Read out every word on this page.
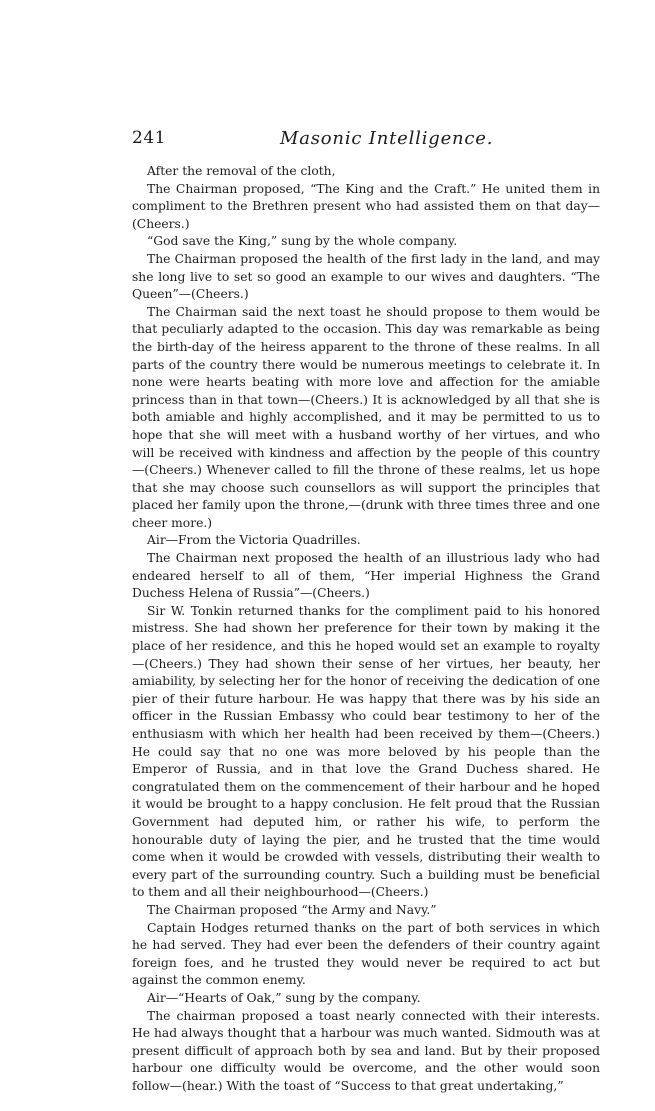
241	Masonic Intelligence.

After the removal of the cloth,

The Chairman proposed, “The King and the Craft.” He united them in compliment to the Brethren present who had assisted them on that day—(Cheers.)

“God save the King,” sung by the whole company.

The Chairman proposed the health of the first lady in the land, and may she long live to set so good an example to our wives and daughters. “The Queen”—(Cheers.)

The Chairman said the next toast he should propose to them would be that peculiarly adapted to the occasion. This day was remarkable as being the birth-day of the heiress apparent to the throne of these realms. In all parts of the country there would be numerous meetings to celebrate it. In none were hearts beating with more love and affection for the amiable princess than in that town—(Cheers.) It is acknowledged by all that she is both amiable and highly accomplished, and it may be permitted to us to hope that she will meet with a husband worthy of her virtues, and who will be received with kindness and affection by the people of this country—(Cheers.) Whenever called to fill the throne of these realms, let us hope that she may choose such counsellors as will support the principles that placed her family upon the throne,—(drunk with three times three and one cheer more.)

Air—From the Victoria Quadrilles.

The Chairman next proposed the health of an illustrious lady who had endeared herself to all of them, “Her imperial Highness the Grand Duchess Helena of Russia”—(Cheers.)

Sir W. Tonkin returned thanks for the compliment paid to his honored mistress. She had shown her preference for their town by making it the place of her residence, and this he hoped would set an example to royalty—(Cheers.) They had shown their sense of her virtues, her beauty, her amiability, by selecting her for the honor of receiving the dedication of one pier of their future harbour. He was happy that there was by his side an officer in the Russian Embassy who could bear testimony to her of the enthusiasm with which her health had been received by them—(Cheers.) He could say that no one was more beloved by his people than the Emperor of Russia, and in that love the Grand Duchess shared. He congratulated them on the commencement of their harbour and he hoped it would be brought to a happy conclusion. He felt proud that the Russian Government had deputed him, or rather his wife, to perform the honourable duty of laying the pier, and he trusted that the time would come when it would be crowded with vessels, distributing their wealth to every part of the surrounding country. Such a building must be beneficial to them and all their neighbourhood—(Cheers.)

The Chairman proposed “the Army and Navy.”

Captain Hodges returned thanks on the part of both services in which he had served. They had ever been the defenders of their country againt foreign foes, and he trusted they would never be required to act but against the common enemy.

Air—“Hearts of Oak,” sung by the company.

The chairman proposed a toast nearly connected with their interests. He had always thought that a harbour was much wanted. Sidmouth was at present difficult of approach both by sea and land. But by their proposed harbour one difficulty would be overcome, and the other would soon follow—(hear.) With the toast of “Success to that great undertaking,”
